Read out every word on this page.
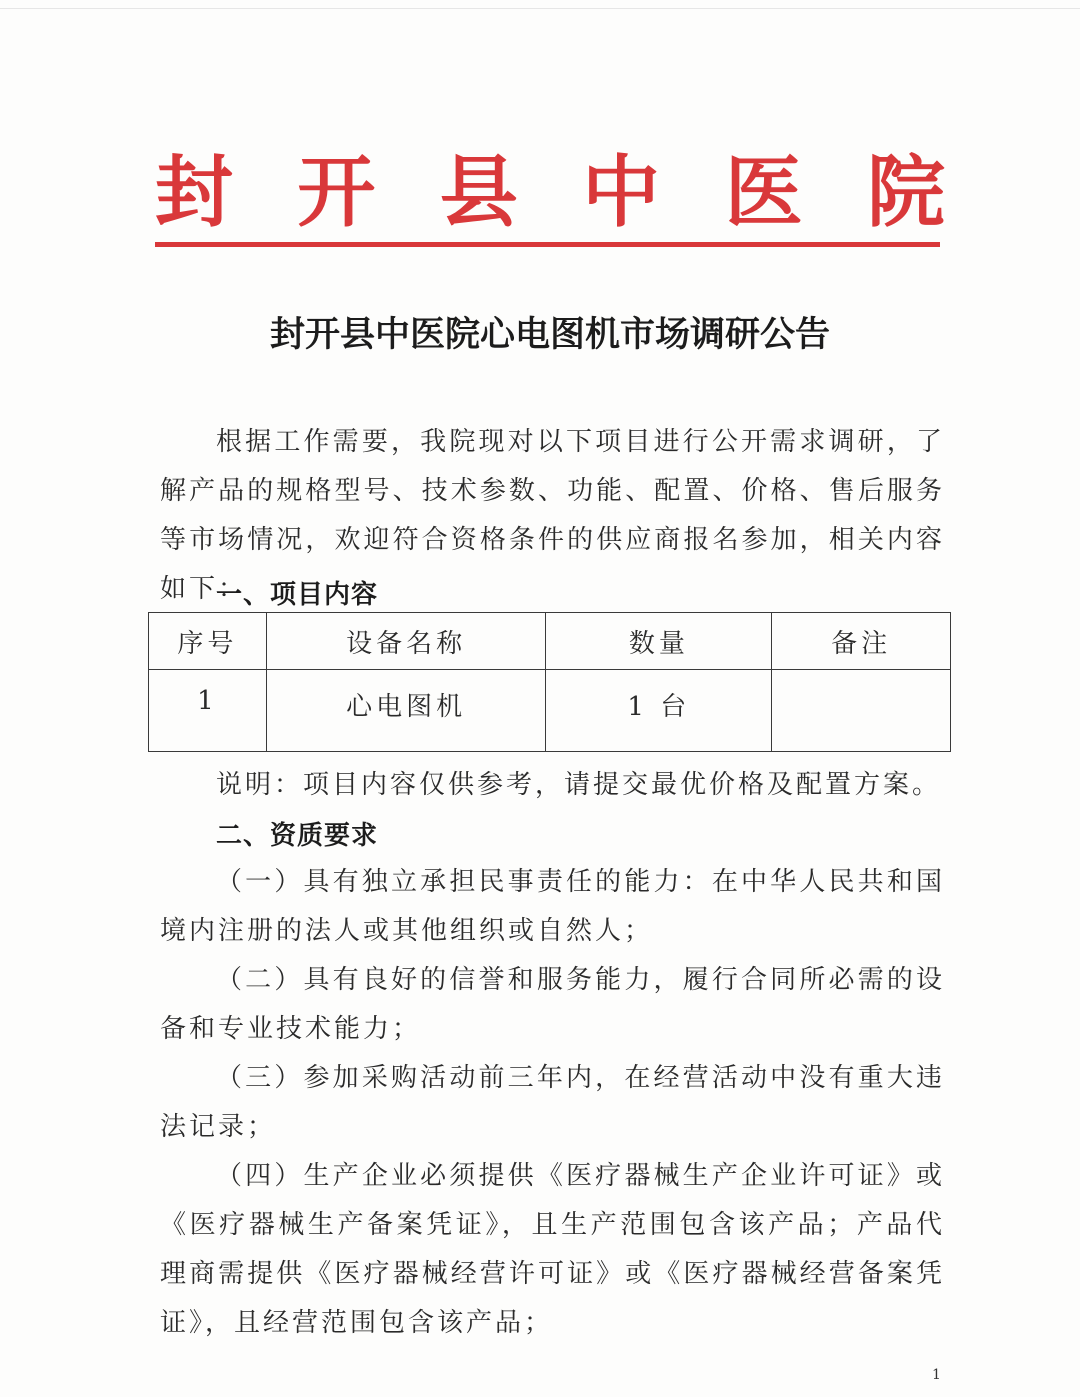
封 开 县 中 医 院
封开县中医院心电图机市场调研公告

根据工作需要，我院现对以下项目进行公开需求调研，了解产品的规格型号、技术参数、功能、配置、价格、售后服务等市场情况，欢迎符合资格条件的供应商报名参加，相关内容如下：

一、项目内容
序号	设备名称	数量	备注
1	心电图机	1 台	

说明：项目内容仅供参考，请提交最优价格及配置方案。

二、资质要求

（一）具有独立承担民事责任的能力：在中华人民共和国境内注册的法人或其他组织或自然人；

（二）具有良好的信誉和服务能力，履行合同所必需的设备和专业技术能力；

（三）参加采购活动前三年内，在经营活动中没有重大违法记录；

（四）生产企业必须提供《医疗器械生产企业许可证》或《医疗器械生产备案凭证》，且生产范围包含该产品；产品代理商需提供《医疗器械经营许可证》或《医疗器械经营备案凭证》，且经营范围包含该产品；

1
